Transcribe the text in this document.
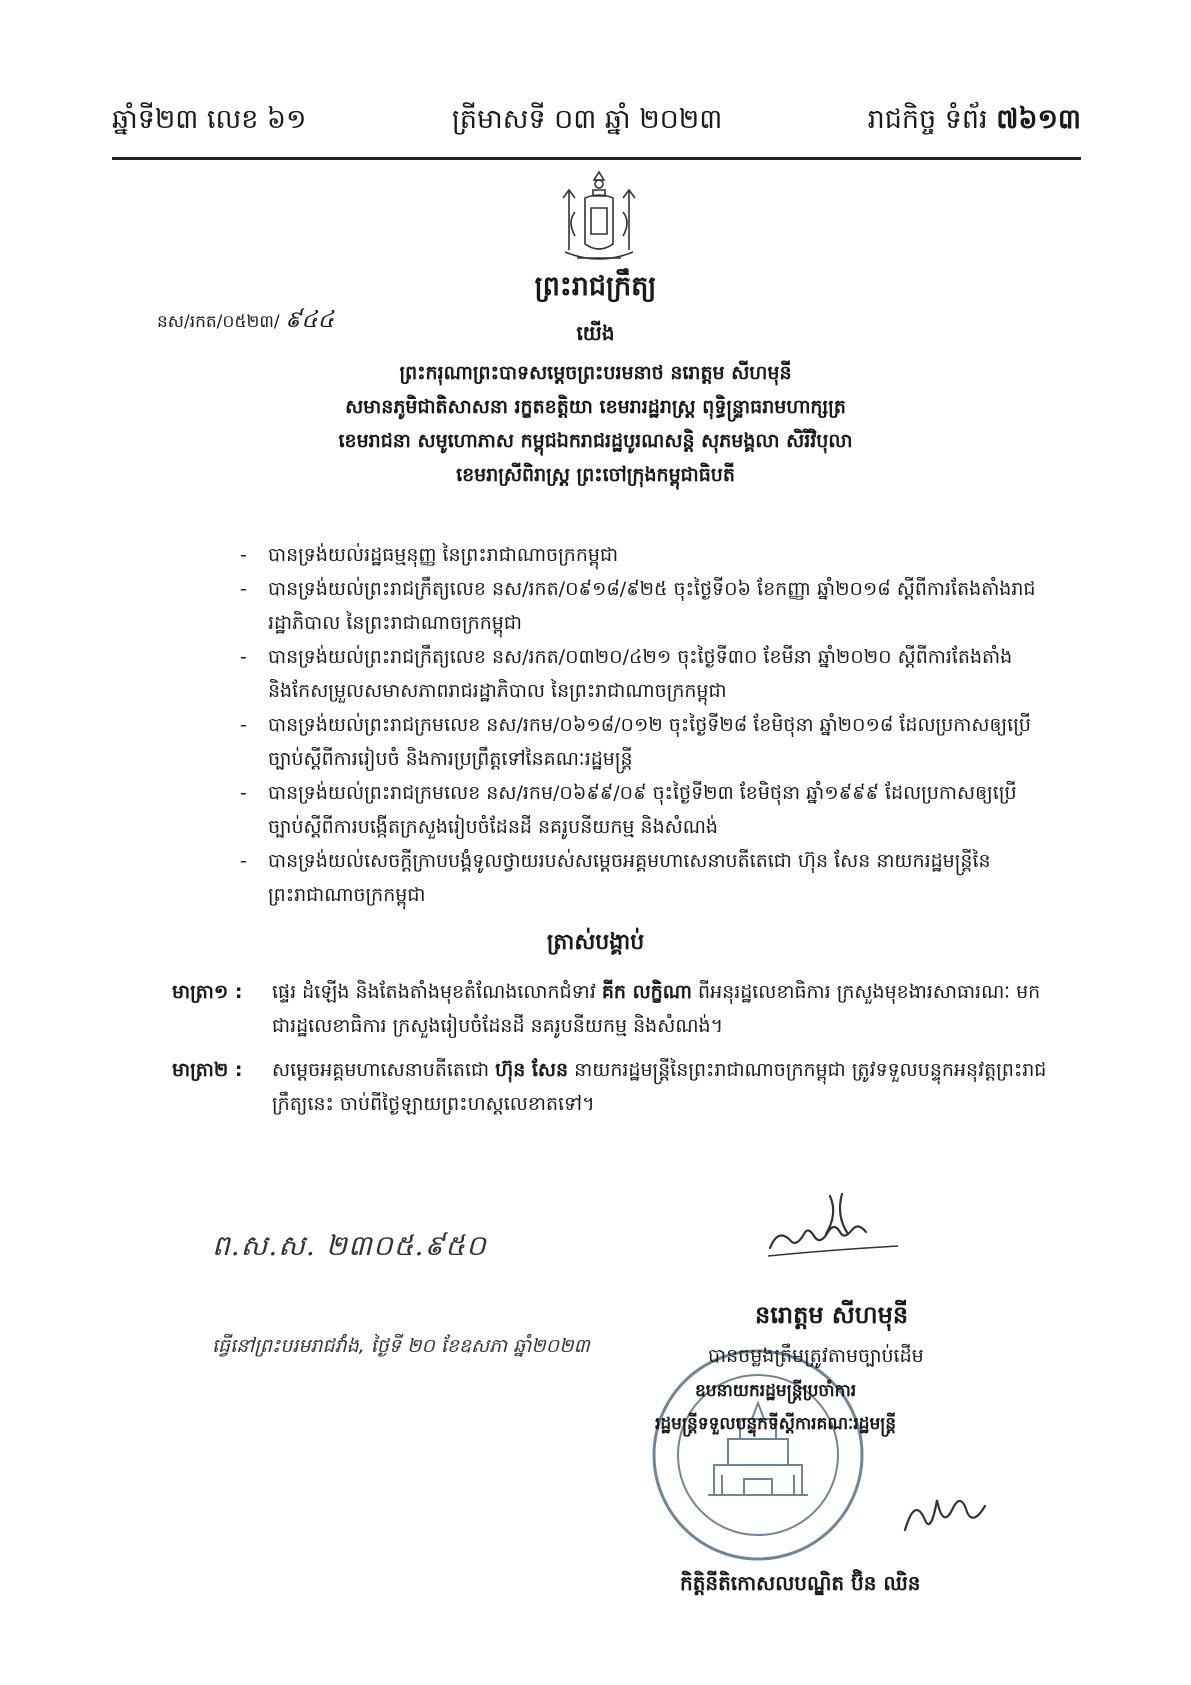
ឆ្នាំទី២៣ លេខ ៦១	ត្រីមាសទី ០៣ ឆ្នាំ ២០២៣	រាជកិច្ច ទំព័រ ៧៦១៣
ព្រះរាជក្រឹត្យ
នស/រកត/០៥២៣/ ៩៤៤	យើង
ព្រះករុណាព្រះបាទសម្តេចព្រះបរមនាថ នរោត្តម សីហមុនី
សមានភូមិជាតិសាសនា រក្ខតខត្តិយា ខេមរារដ្ឋរាស្ត្រ ពុទ្ធិន្ទ្រាធរាមហាក្សត្រ
ខេមរាជនា សមូហោភាស កម្ពុជឯករាជរដ្ឋបូរណសន្តិ សុភមង្គលា សិរីវិបុលា
ខេមរាស្រីពិរាស្ត្រ ព្រះចៅក្រុងកម្ពុជាធិបតី
- បានទ្រង់យល់រដ្ឋធម្មនុញ្ញ នៃព្រះរាជាណាចក្រកម្ពុជា
- បានទ្រង់យល់ព្រះរាជក្រឹត្យលេខ នស/រកត/០៩១៨/៩២៥ ចុះថ្ងៃទី០៦ ខែកញ្ញា ឆ្នាំ២០១៨ ស្តីពីការតែងតាំងរាជរដ្ឋាភិបាល នៃព្រះរាជាណាចក្រកម្ពុជា
- បានទ្រង់យល់ព្រះរាជក្រឹត្យលេខ នស/រកត/០៣២០/៤២១ ចុះថ្ងៃទី៣០ ខែមីនា ឆ្នាំ២០២០ ស្តីពីការតែងតាំង និងកែសម្រួលសមាសភាពរាជរដ្ឋាភិបាល នៃព្រះរាជាណាចក្រកម្ពុជា
- បានទ្រង់យល់ព្រះរាជក្រមលេខ នស/រកម/០៦១៨/០១២ ចុះថ្ងៃទី២៨ ខែមិថុនា ឆ្នាំ២០១៨ ដែលប្រកាសឲ្យប្រើច្បាប់ស្តីពីការរៀបចំ និងការប្រព្រឹត្តទៅនៃគណៈរដ្ឋមន្ត្រី
- បានទ្រង់យល់ព្រះរាជក្រមលេខ នស/រកម/០៦៩៩/០៩ ចុះថ្ងៃទី២៣ ខែមិថុនា ឆ្នាំ១៩៩៩ ដែលប្រកាសឲ្យប្រើច្បាប់ស្តីពីការបង្កើតក្រសួងរៀបចំដែនដី នគរូបនីយកម្ម និងសំណង់
- បានទ្រង់យល់សេចក្តីក្រាបបង្គំទូលថ្វាយរបស់សម្តេចអគ្គមហាសេនាបតីតេជោ ហ៊ុន សែន នាយករដ្ឋមន្ត្រីនៃព្រះរាជាណាចក្រកម្ពុជា
ត្រាស់បង្គាប់
មាត្រា១ :	ផ្ទេរ ដំឡើង និងតែងតាំងមុខតំណែងលោកជំទាវ គីក លក្ខិណា ពីអនុរដ្ឋលេខាធិការ ក្រសួងមុខងារសាធារណៈ មកជារដ្ឋលេខាធិការ ក្រសួងរៀបចំដែនដី នគរូបនីយកម្ម និងសំណង់។
មាត្រា២ :	សម្តេចអគ្គមហាសេនាបតីតេជោ ហ៊ុន សែន នាយករដ្ឋមន្ត្រីនៃព្រះរាជាណាចក្រកម្ពុជា ត្រូវទទួលបន្ទុកអនុវត្តព្រះរាជក្រឹត្យនេះ ចាប់ពីថ្ងៃឡាយព្រះហស្តលេខាតទៅ។
ព.ស.ស. ២៣០៥.៩៥០
នរោត្តម សីហមុនី
ធ្វើនៅព្រះបរមរាជវាំង, ថ្ងៃទី ២០ ខែឧសភា ឆ្នាំ២០២៣	បានចម្លងត្រឹមត្រូវតាមច្បាប់ដើម
ឧបនាយករដ្ឋមន្ត្រីប្រចាំការ
រដ្ឋមន្ត្រីទទួលបន្ទុកទីស្តីការគណៈរដ្ឋមន្ត្រី
កិត្តិនីតិកោសលបណ្ឌិត ប៊ិន ឈិន
